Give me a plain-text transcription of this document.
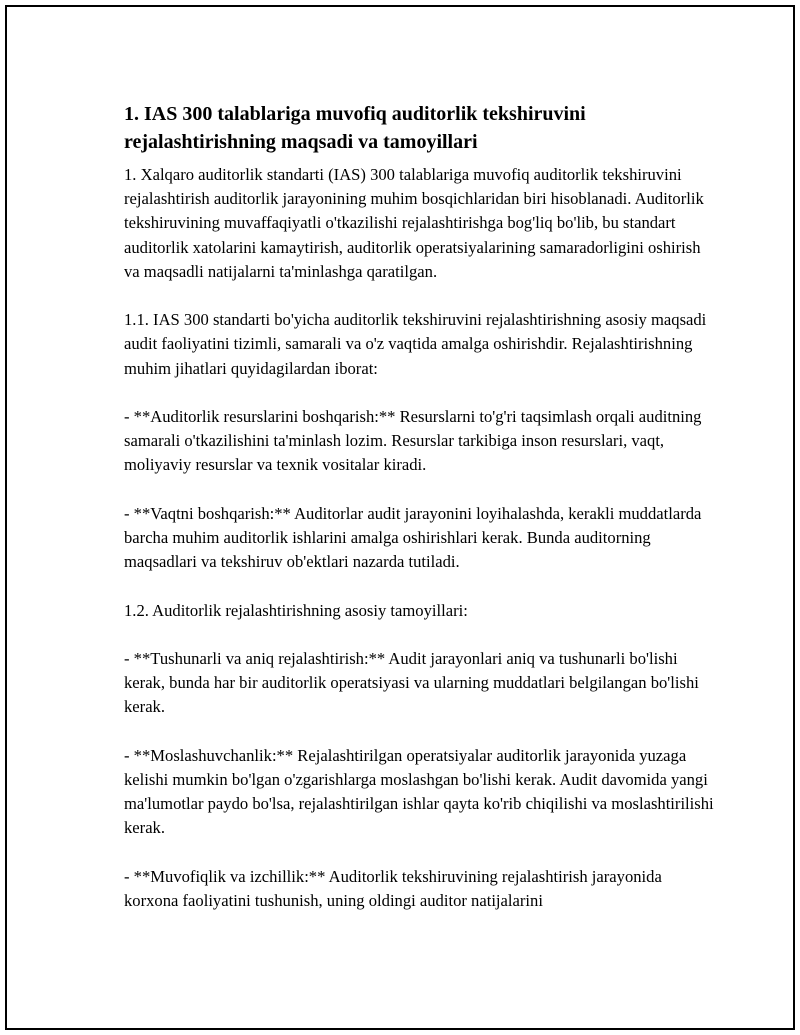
1. IAS 300 talablariga muvofiq auditorlik tekshiruvini rejalashtirishning maqsadi va tamoyillari

1. Xalqaro auditorlik standarti (IAS) 300 talablariga muvofiq auditorlik tekshiruvini rejalashtirish auditorlik jarayonining muhim bosqichlaridan biri hisoblanadi. Auditorlik tekshiruvining muvaffaqiyatli o'tkazilishi rejalashtirishga bog'liq bo'lib, bu standart auditorlik xatolarini kamaytirish, auditorlik operatsiyalarining samaradorligini oshirish va maqsadli natijalarni ta'minlashga qaratilgan.

1.1. IAS 300 standarti bo'yicha auditorlik tekshiruvini rejalashtirishning asosiy maqsadi audit faoliyatini tizimli, samarali va o'z vaqtida amalga oshirishdir. Rejalashtirishning muhim jihatlari quyidagilardan iborat:

- **Auditorlik resurslarini boshqarish:** Resurslarni to'g'ri taqsimlash orqali auditning samarali o'tkazilishini ta'minlash lozim. Resurslar tarkibiga inson resurslari, vaqt, moliyaviy resurslar va texnik vositalar kiradi.

- **Vaqtni boshqarish:** Auditorlar audit jarayonini loyihalashda, kerakli muddatlarda barcha muhim auditorlik ishlarini amalga oshirishlari kerak. Bunda auditorning maqsadlari va tekshiruv ob'ektlari nazarda tutiladi.

1.2. Auditorlik rejalashtirishning asosiy tamoyillari:

- **Tushunarli va aniq rejalashtirish:** Audit jarayonlari aniq va tushunarli bo'lishi kerak, bunda har bir auditorlik operatsiyasi va ularning muddatlari belgilangan bo'lishi kerak.

- **Moslashuvchanlik:** Rejalashtirilgan operatsiyalar auditorlik jarayonida yuzaga kelishi mumkin bo'lgan o'zgarishlarga moslashgan bo'lishi kerak. Audit davomida yangi ma'lumotlar paydo bo'lsa, rejalashtirilgan ishlar qayta ko'rib chiqilishi va moslashtirilishi kerak.

- **Muvofiqlik va izchillik:** Auditorlik tekshiruvining rejalashtirish jarayonida korxona faoliyatini tushunish, uning oldingi auditor natijalarini
